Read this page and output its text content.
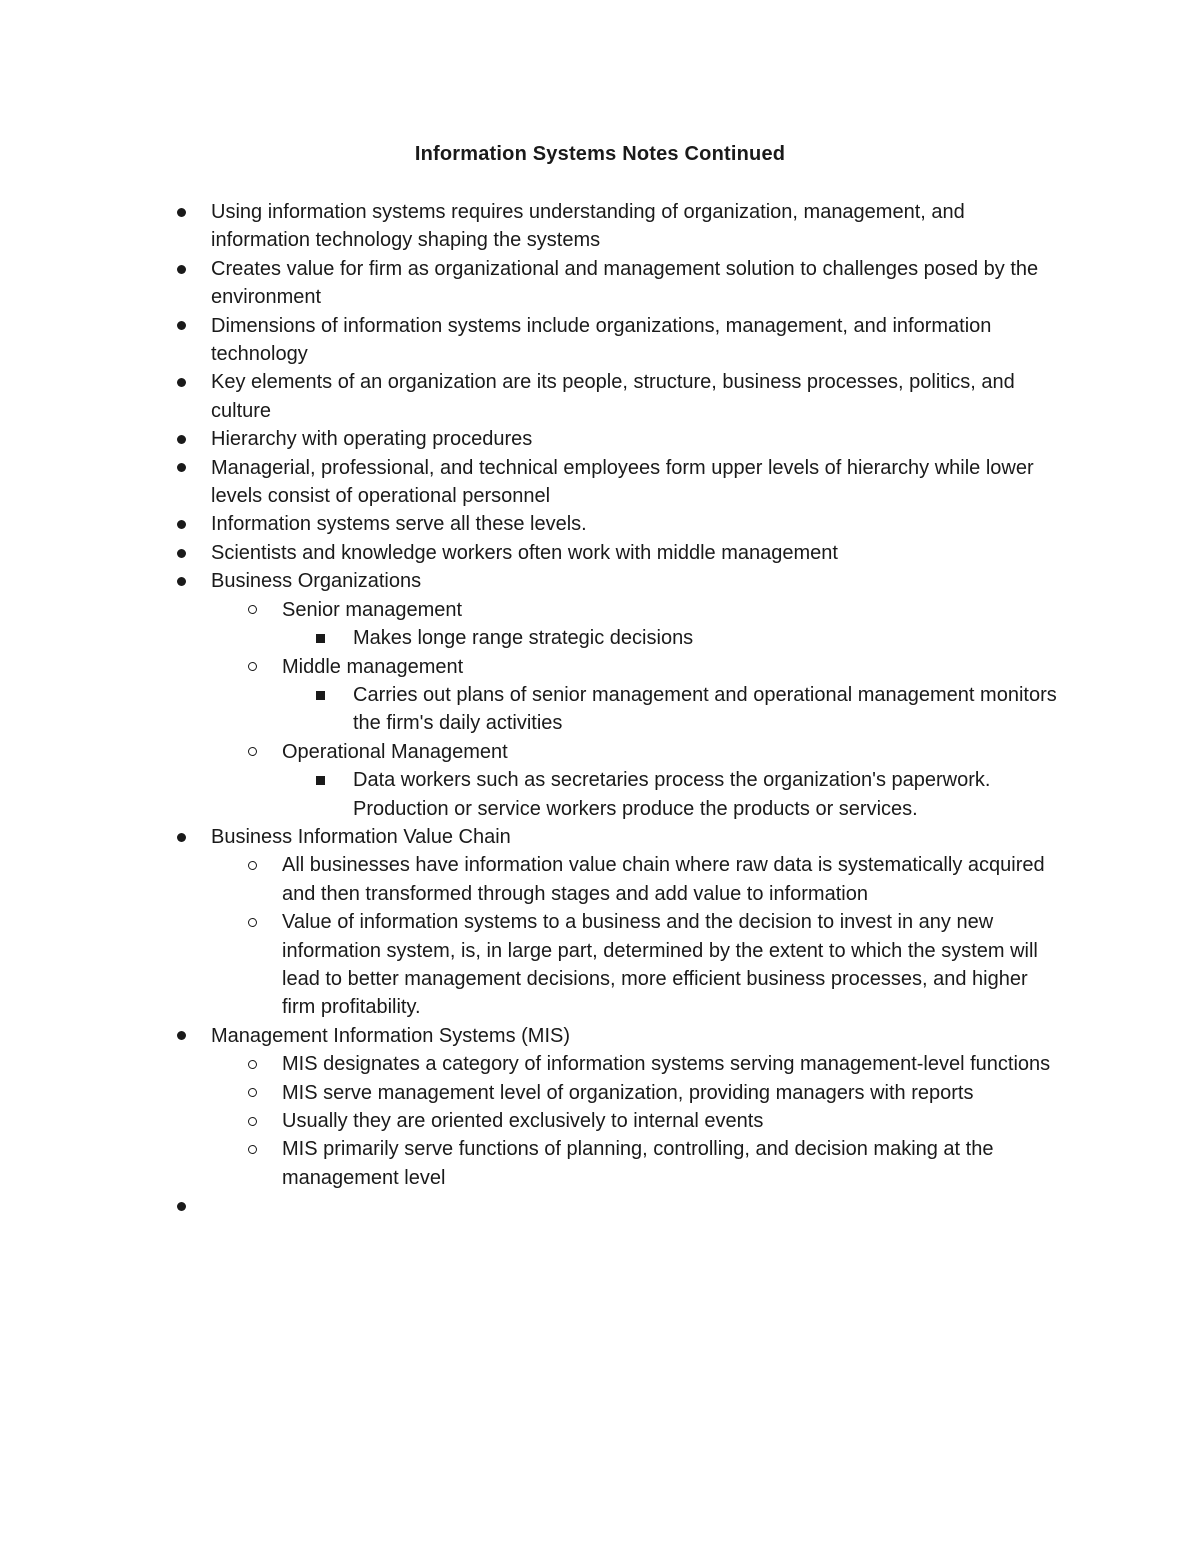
Information Systems Notes Continued
Using information systems requires understanding of organization, management, and information technology shaping the systems
Creates value for firm as organizational and management solution to challenges posed by the environment
Dimensions of information systems include organizations, management, and information technology
Key elements of an organization are its people, structure, business processes, politics, and culture
Hierarchy with operating procedures
Managerial, professional, and technical employees form upper levels of hierarchy while lower levels consist of operational personnel
Information systems serve all these levels.
Scientists and knowledge workers often work with middle management
Business Organizations
Senior management
Makes longe range strategic decisions
Middle management
Carries out plans of senior management and operational management monitors the firm's daily activities
Operational Management
Data workers such as secretaries process the organization's paperwork. Production or service workers produce the products or services.
Business Information Value Chain
All businesses have information value chain where raw data is systematically acquired and then transformed through stages and add value to information
Value of information systems to a business and the decision to invest in any new information system, is, in large part, determined by the extent to which the system will lead to better management decisions, more efficient business processes, and higher firm profitability.
Management Information Systems (MIS)
MIS designates a category of information systems serving management-level functions
MIS serve management level of organization, providing managers with reports
Usually they are oriented exclusively to internal events
MIS primarily serve functions of planning, controlling, and decision making at the management level
